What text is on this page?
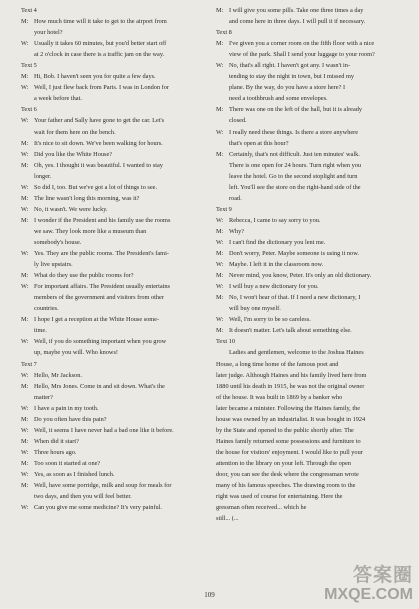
Text 4
M: How much time will it take to get to the airport from
your hotel?
W: Usually it takes 60 minutes, but you'd better start off
at 2 o'clock in case there is a traffic jam on the way.
Text 5
M: Hi, Bob. I haven't seen you for quite a few days.
W: Well, I just flew back from Paris. I was in London for
a week before that.
Text 6
W: Your father and Sally have gone to get the car. Let's
wait for them here on the bench.
M: It's nice to sit down. We've been walking for hours.
W: Did you like the White House?
M: Oh, yes. I thought it was beautiful. I wanted to stay
longer.
W: So did I, too. But we've got a lot of things to see.
M: The line wasn't long this morning, was it?
W: No, it wasn't. We were lucky.
M: I wonder if the President and his family use the rooms
we saw. They look more like a museum than
somebody's house.
W: Yes. They are the public rooms. The President's fami-
ly live upstairs.
M: What do they use the public rooms for?
W: For important affairs. The President usually entertains
members of the government and visitors from other
countries.
M: I hope I get a reception at the White House some-
time.
W: Well, if you do something important when you grow
up, maybe you will. Who knows!
Text 7
W: Hello, Mr Jackson.
M: Hello, Mrs Jones. Come in and sit down. What's the
matter?
W: I have a pain in my tooth.
M: Do you often have this pain?
W: Well, it seems I have never had a bad one like it before.
M: When did it start?
W: Three hours ago.
M: Too soon it started at one?
W: Yes, as soon as I finished lunch.
M: Well, have some porridge, milk and soup for meals for
two days, and then you will feel better.
W: Can you give me some medicine? It's very painful.
M: I will give you some pills. Take one three times a day
and come here in three days. I will pull it if necessary.
Text 8
M: I've given you a corner room on the fifth floor with a nice
view of the park. Shall I send your luggage to your room?
W: No, that's all right. I haven't got any. I wasn't in-
tending to stay the night in town, but I missed my
plane. By the way, do you have a store here? I
need a toothbrush and some envelopes.
M: There was one on the left of the hall, but it is already
closed.
W: I really need these things. Is there a store anywhere
that's open at this hour?
M: Certainly, that's not difficult. Just ten minutes' walk.
There is one open for 24 hours. Turn right when you
leave the hotel. Go to the second stoplight and turn
left. You'll see the store on the right-hand side of the
road.
Text 9
W: Rebecca, I came to say sorry to you.
M: Why?
W: I can't find the dictionary you lent me.
M: Don't worry, Peter. Maybe someone is using it now.
W: Maybe. I left it in the classroom now.
M: Never mind, you know, Peter. It's only an old dictionary.
W: I will buy a new dictionary for you.
M: No, I won't hear of that. If I need a new dictionary, I
will buy one myself.
W: Well, I'm sorry to be so careless.
M: It doesn't matter. Let's talk about something else.
Text 10
Ladies and gentlemen, welcome to the Joshua Haines
House, a long time home of the famous poet and
later judge. Although Haines and his family lived here from
1880 until his death in 1915, he was not the original owner
of the house. It was built in 1869 by a banker who
later became a minister. Following the Haines family, the
house was owned by an industrialist. It was bought in 1924
by the State and opened to the public shortly after. The
Haines family returned some possessions and furniture to
the house for visitors' enjoyment. I would like to pull your
attention to the library on your left. Through the open
door, you can see the desk where the congressman wrote
many of his famous speeches. The drawing room to the
right was used of course for entertaining. Here the
gressman often received... which he
still... (...
109
答案圈
MXQE.COM
